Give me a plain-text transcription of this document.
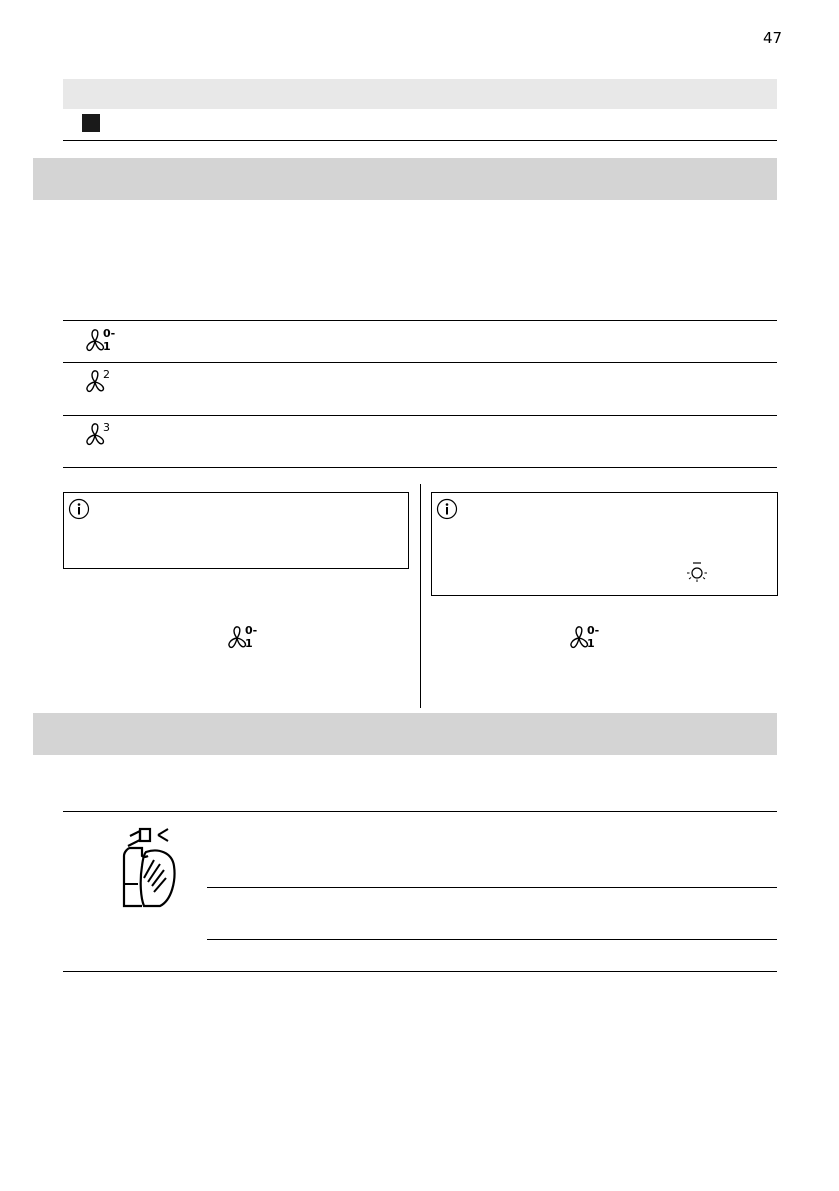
47
0-1
2
3
0-1
0-1
